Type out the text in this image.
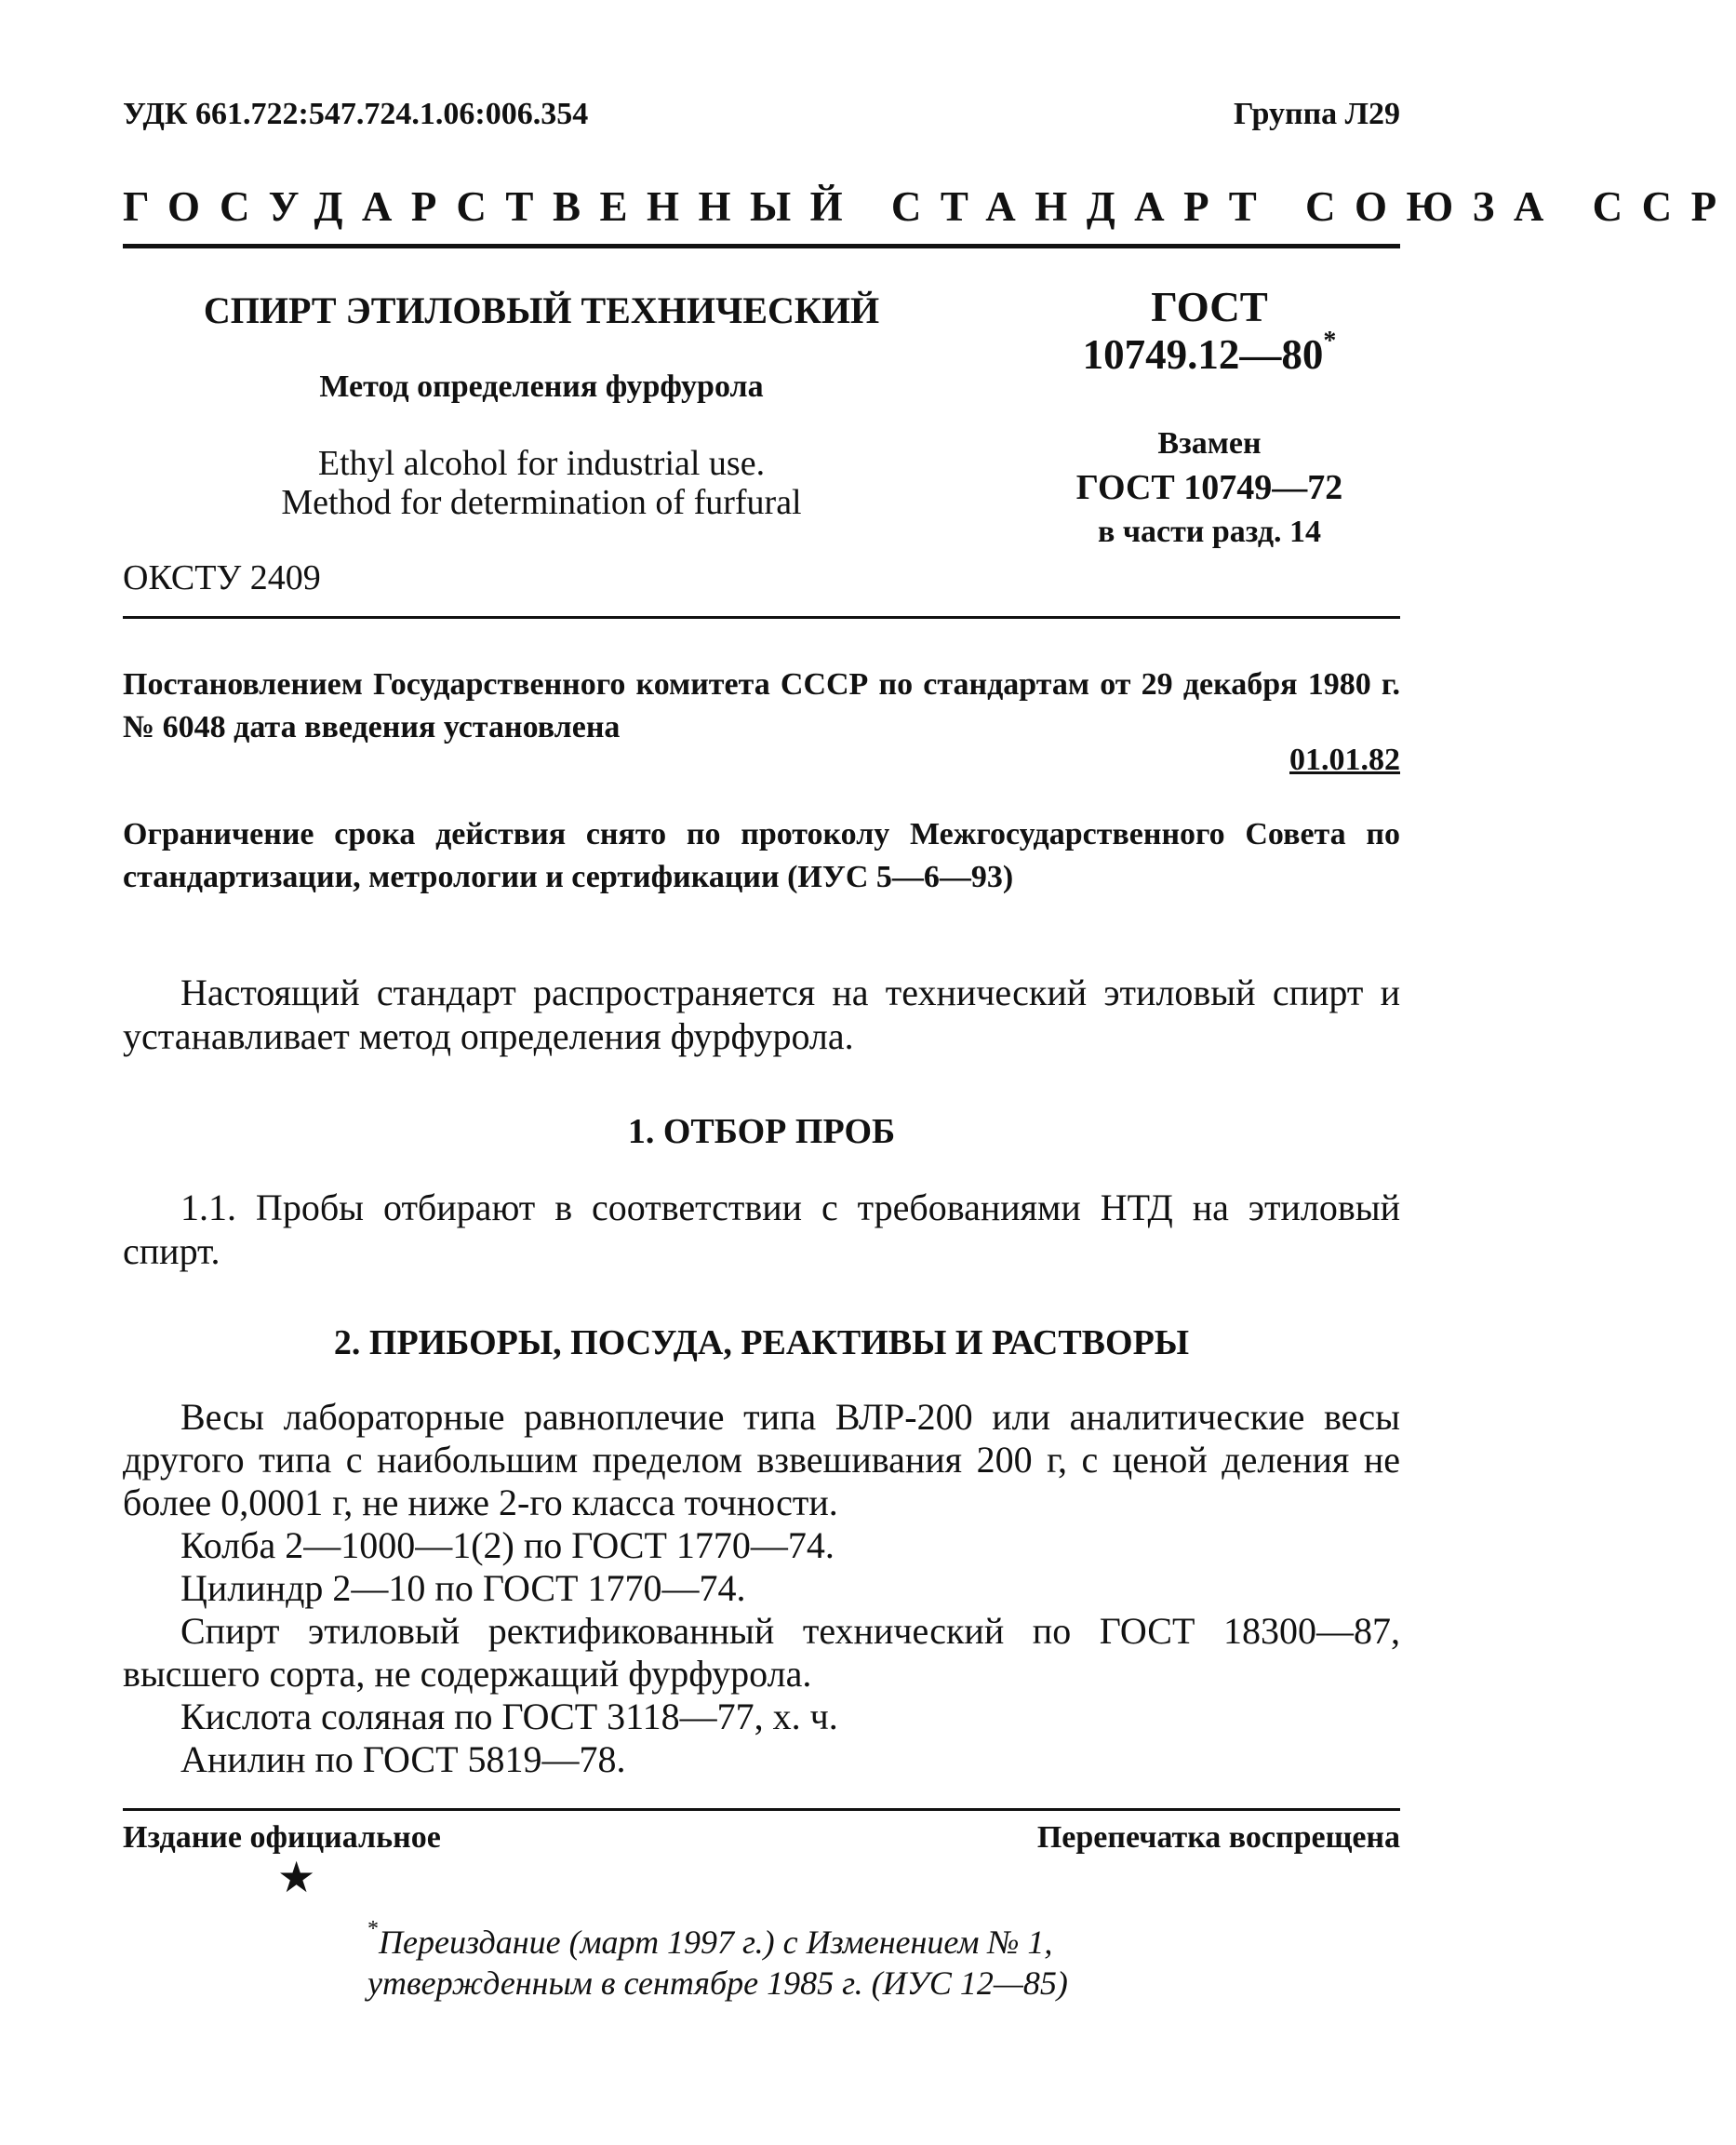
УДК 661.722:547.724.1.06:006.354	Группа Л29
ГОСУДАРСТВЕННЫЙ СТАНДАРТ СОЮЗА ССР
СПИРТ ЭТИЛОВЫЙ ТЕХНИЧЕСКИЙ
Метод определения фурфурола
Ethyl alcohol for industrial use.
Method for determination of furfural
ОКСТУ 2409
ГОСТ
10749.12—80*
Взамен
ГОСТ 10749—72
в части разд. 14
Постановлением Государственного комитета СССР по стандартам от 29 декабря 1980 г. № 6048 дата введения установлена
01.01.82
Ограничение срока действия снято по протоколу Межгосударственного Совета по стандартизации, метрологии и сертификации (ИУС 5—6—93)
Настоящий стандарт распространяется на технический этиловый спирт и устанавливает метод определения фурфурола.
1. ОТБОР ПРОБ
1.1. Пробы отбирают в соответствии с требованиями НТД на этиловый спирт.
2. ПРИБОРЫ, ПОСУДА, РЕАКТИВЫ И РАСТВОРЫ

Весы лабораторные равноплечие типа ВЛР-200 или аналитические весы другого типа с наибольшим пределом взвешивания 200 г, с ценой деления не более 0,0001 г, не ниже 2-го класса точности.

Колба 2—1000—1(2) по ГОСТ 1770—74.

Цилиндр 2—10 по ГОСТ 1770—74.

Спирт этиловый ректификованный технический по ГОСТ 18300—87, высшего сорта, не содержащий фурфурола.

Кислота соляная по ГОСТ 3118—77, х. ч.

Анилин по ГОСТ 5819—78.

Издание официальное	Перепечатка воспрещена
★
*Переиздание (март 1997 г.) с Изменением № 1,
утвержденным в сентябре 1985 г. (ИУС 12—85)
